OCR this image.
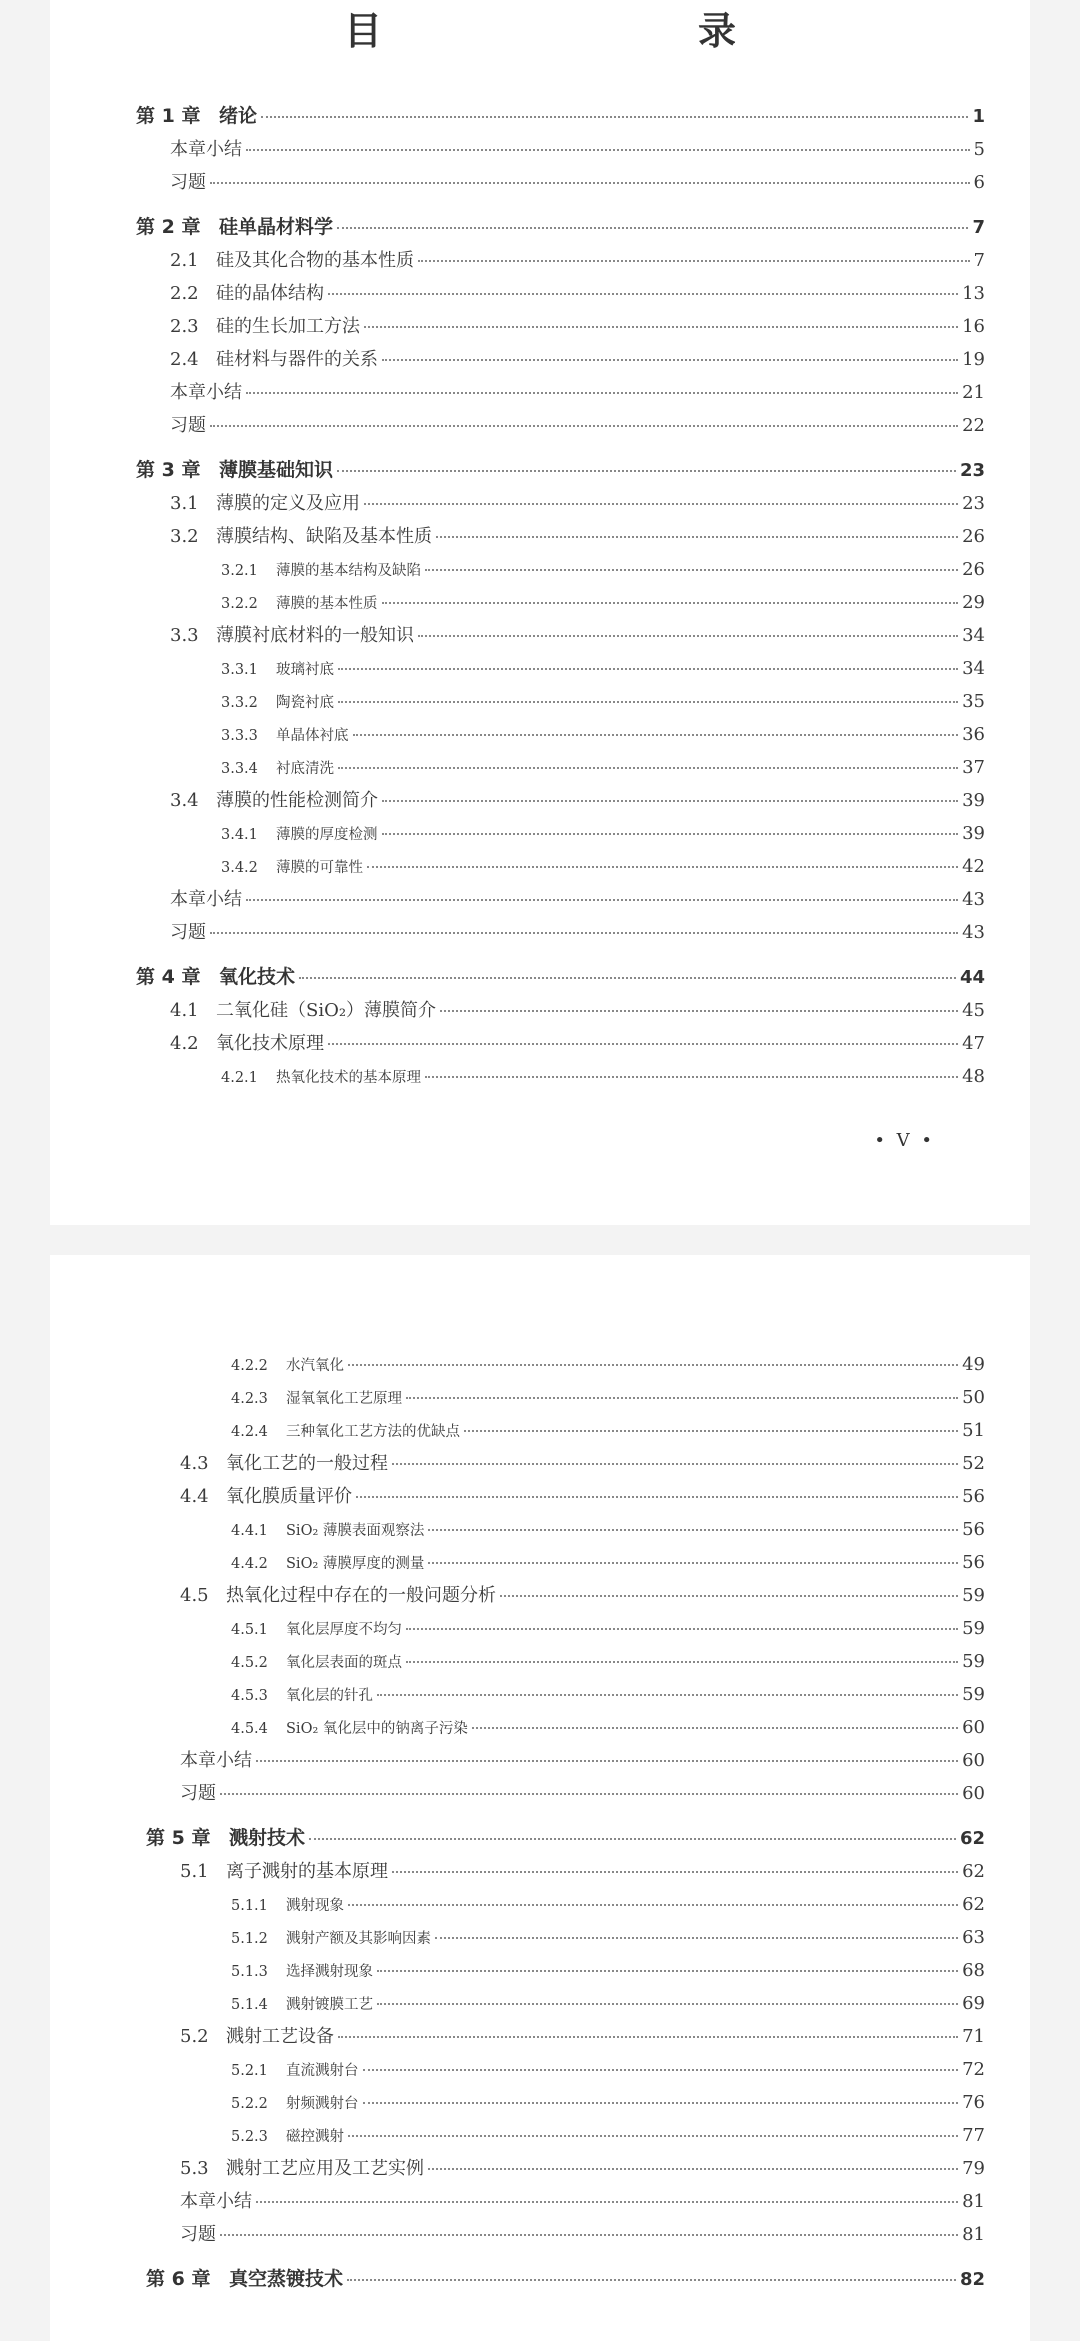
目　　录
第 1 章 绪论	1
本章小结	5
习题	6
第 2 章 硅单晶材料学	7
2.1 硅及其化合物的基本性质	7
2.2 硅的晶体结构	13
2.3 硅的生长加工方法	16
2.4 硅材料与器件的关系	19
本章小结	21
习题	22
第 3 章 薄膜基础知识	23
3.1 薄膜的定义及应用	23
3.2 薄膜结构、缺陷及基本性质	26
3.2.1	薄膜的基本结构及缺陷	26
3.2.2	薄膜的基本性质	29
3.3 薄膜衬底材料的一般知识	34
3.3.1	玻璃衬底	34
3.3.2	陶瓷衬底	35
3.3.3	单晶体衬底	36
3.3.4	衬底清洗	37
3.4 薄膜的性能检测简介	39
3.4.1	薄膜的厚度检测	39
3.4.2	薄膜的可靠性	42
本章小结	43
习题	43
第 4 章 氧化技术	44
4.1 二氧化硅（SiO₂）薄膜简介	45
4.2 氧化技术原理	47
4.2.1	热氧化技术的基本原理	48
• V •
4.2.2	水汽氧化	49
4.2.3	湿氧氧化工艺原理	50
4.2.4	三种氧化工艺方法的优缺点	51
4.3 氧化工艺的一般过程	52
4.4 氧化膜质量评价	56
4.4.1	SiO₂ 薄膜表面观察法	56
4.4.2	SiO₂ 薄膜厚度的测量	56
4.5 热氧化过程中存在的一般问题分析	59
4.5.1	氧化层厚度不均匀	59
4.5.2	氧化层表面的斑点	59
4.5.3	氧化层的针孔	59
4.5.4	SiO₂ 氧化层中的钠离子污染	60
本章小结	60
习题	60
第 5 章 溅射技术	62
5.1 离子溅射的基本原理	62
5.1.1	溅射现象	62
5.1.2	溅射产额及其影响因素	63
5.1.3	选择溅射现象	68
5.1.4	溅射镀膜工艺	69
5.2 溅射工艺设备	71
5.2.1	直流溅射台	72
5.2.2	射频溅射台	76
5.2.3	磁控溅射	77
5.3 溅射工艺应用及工艺实例	79
本章小结	81
习题	81
第 6 章 真空蒸镀技术	82
